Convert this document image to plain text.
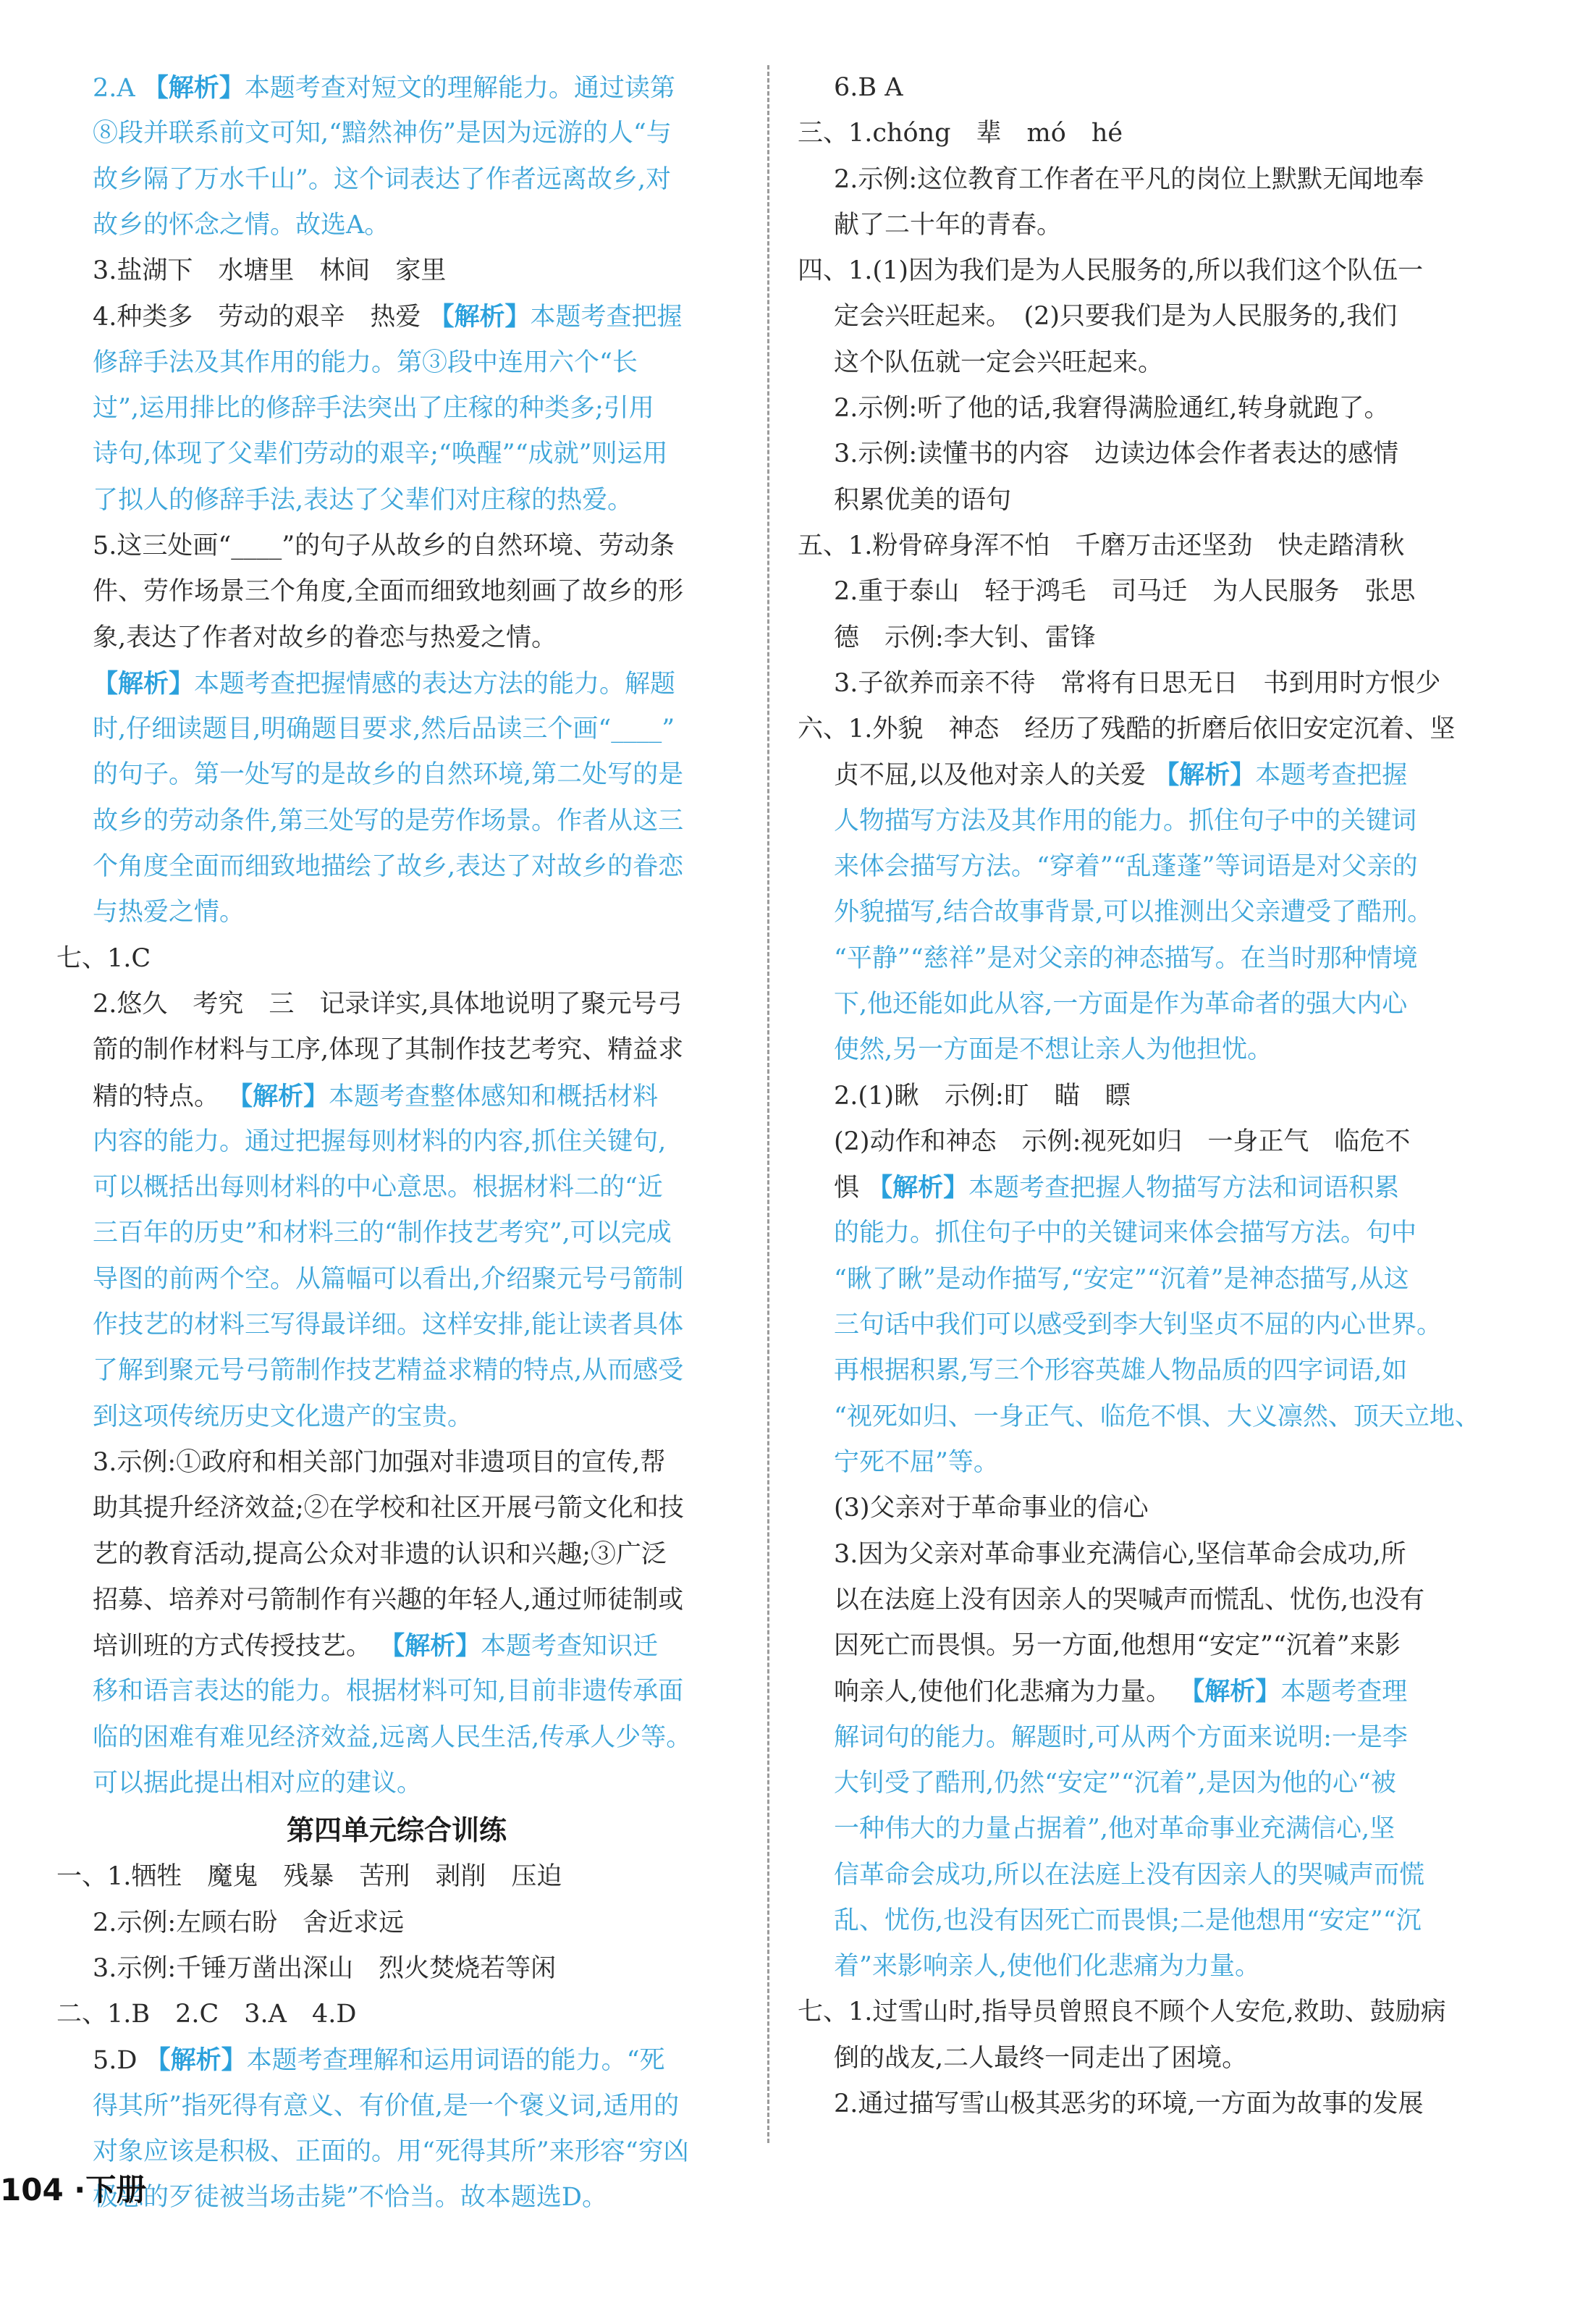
2.A 【解析】本题考查对短文的理解能力。通过读第
⑧段并联系前文可知,“黯然神伤”是因为远游的人“与
故乡隔了万水千山”。这个词表达了作者远离故乡,对
故乡的怀念之情。故选A。
3.盐湖下　水塘里　林间　家里
4.种类多　劳动的艰辛　热爱 【解析】本题考查把握
修辞手法及其作用的能力。第③段中连用六个“长
过”,运用排比的修辞手法突出了庄稼的种类多;引用
诗句,体现了父辈们劳动的艰辛;“唤醒”“成就”则运用
了拟人的修辞手法,表达了父辈们对庄稼的热爱。
5.这三处画“____”的句子从故乡的自然环境、劳动条
件、劳作场景三个角度,全面而细致地刻画了故乡的形
象,表达了作者对故乡的眷恋与热爱之情。
【解析】本题考查把握情感的表达方法的能力。解题
时,仔细读题目,明确题目要求,然后品读三个画“____”
的句子。第一处写的是故乡的自然环境,第二处写的是
故乡的劳动条件,第三处写的是劳作场景。作者从这三
个角度全面而细致地描绘了故乡,表达了对故乡的眷恋
与热爱之情。
七、1.C
2.悠久　考究　三　记录详实,具体地说明了聚元号弓
箭的制作材料与工序,体现了其制作技艺考究、精益求
精的特点。 【解析】本题考查整体感知和概括材料
内容的能力。通过把握每则材料的内容,抓住关键句,
可以概括出每则材料的中心意思。根据材料二的“近
三百年的历史”和材料三的“制作技艺考究”,可以完成
导图的前两个空。从篇幅可以看出,介绍聚元号弓箭制
作技艺的材料三写得最详细。这样安排,能让读者具体
了解到聚元号弓箭制作技艺精益求精的特点,从而感受
到这项传统历史文化遗产的宝贵。
3.示例:①政府和相关部门加强对非遗项目的宣传,帮
助其提升经济效益;②在学校和社区开展弓箭文化和技
艺的教育活动,提高公众对非遗的认识和兴趣;③广泛
招募、培养对弓箭制作有兴趣的年轻人,通过师徒制或
培训班的方式传授技艺。 【解析】本题考查知识迁
移和语言表达的能力。根据材料可知,目前非遗传承面
临的困难有难见经济效益,远离人民生活,传承人少等。
可以据此提出相对应的建议。
第四单元综合训练
一、1.牺牲　魔鬼　残暴　苦刑　剥削　压迫
2.示例:左顾右盼　舍近求远
3.示例:千锤万凿出深山　烈火焚烧若等闲
二、1.B　2.C　3.A　4.D
5.D 【解析】本题考查理解和运用词语的能力。“死
得其所”指死得有意义、有价值,是一个褒义词,适用的
对象应该是积极、正面的。用“死得其所”来形容“穷凶
极恶的歹徒被当场击毙”不恰当。故本题选D。
6.B A
三、1.chóng　辈　mó　hé
2.示例:这位教育工作者在平凡的岗位上默默无闻地奉
献了二十年的青春。
四、1.(1)因为我们是为人民服务的,所以我们这个队伍一
定会兴旺起来。　(2)只要我们是为人民服务的,我们
这个队伍就一定会兴旺起来。
2.示例:听了他的话,我窘得满脸通红,转身就跑了。
3.示例:读懂书的内容　边读边体会作者表达的感情
积累优美的语句
五、1.粉骨碎身浑不怕　千磨万击还坚劲　快走踏清秋
2.重于泰山　轻于鸿毛　司马迁　为人民服务　张思
德　示例:李大钊、雷锋
3.子欲养而亲不待　常将有日思无日　书到用时方恨少
六、1.外貌　神态　经历了残酷的折磨后依旧安定沉着、坚
贞不屈,以及他对亲人的关爱 【解析】本题考查把握
人物描写方法及其作用的能力。抓住句子中的关键词
来体会描写方法。“穿着”“乱蓬蓬”等词语是对父亲的
外貌描写,结合故事背景,可以推测出父亲遭受了酷刑。
“平静”“慈祥”是对父亲的神态描写。在当时那种情境
下,他还能如此从容,一方面是作为革命者的强大内心
使然,另一方面是不想让亲人为他担忧。
2.(1)瞅　示例:盯　瞄　瞟
(2)动作和神态　示例:视死如归　一身正气　临危不
惧 【解析】本题考查把握人物描写方法和词语积累
的能力。抓住句子中的关键词来体会描写方法。句中
“瞅了瞅”是动作描写,“安定”“沉着”是神态描写,从这
三句话中我们可以感受到李大钊坚贞不屈的内心世界。
再根据积累,写三个形容英雄人物品质的四字词语,如
“视死如归、一身正气、临危不惧、大义凛然、顶天立地、
宁死不屈”等。
(3)父亲对于革命事业的信心
3.因为父亲对革命事业充满信心,坚信革命会成功,所
以在法庭上没有因亲人的哭喊声而慌乱、忧伤,也没有
因死亡而畏惧。另一方面,他想用“安定”“沉着”来影
响亲人,使他们化悲痛为力量。 【解析】本题考查理
解词句的能力。解题时,可从两个方面来说明:一是李
大钊受了酷刑,仍然“安定”“沉着”,是因为他的心“被
一种伟大的力量占据着”,他对革命事业充满信心,坚
信革命会成功,所以在法庭上没有因亲人的哭喊声而慌
乱、忧伤,也没有因死亡而畏惧;二是他想用“安定”“沉
着”来影响亲人,使他们化悲痛为力量。
七、1.过雪山时,指导员曾照良不顾个人安危,救助、鼓励病
倒的战友,二人最终一同走出了困境。
2.通过描写雪山极其恶劣的环境,一方面为故事的发展
104 ·下册
